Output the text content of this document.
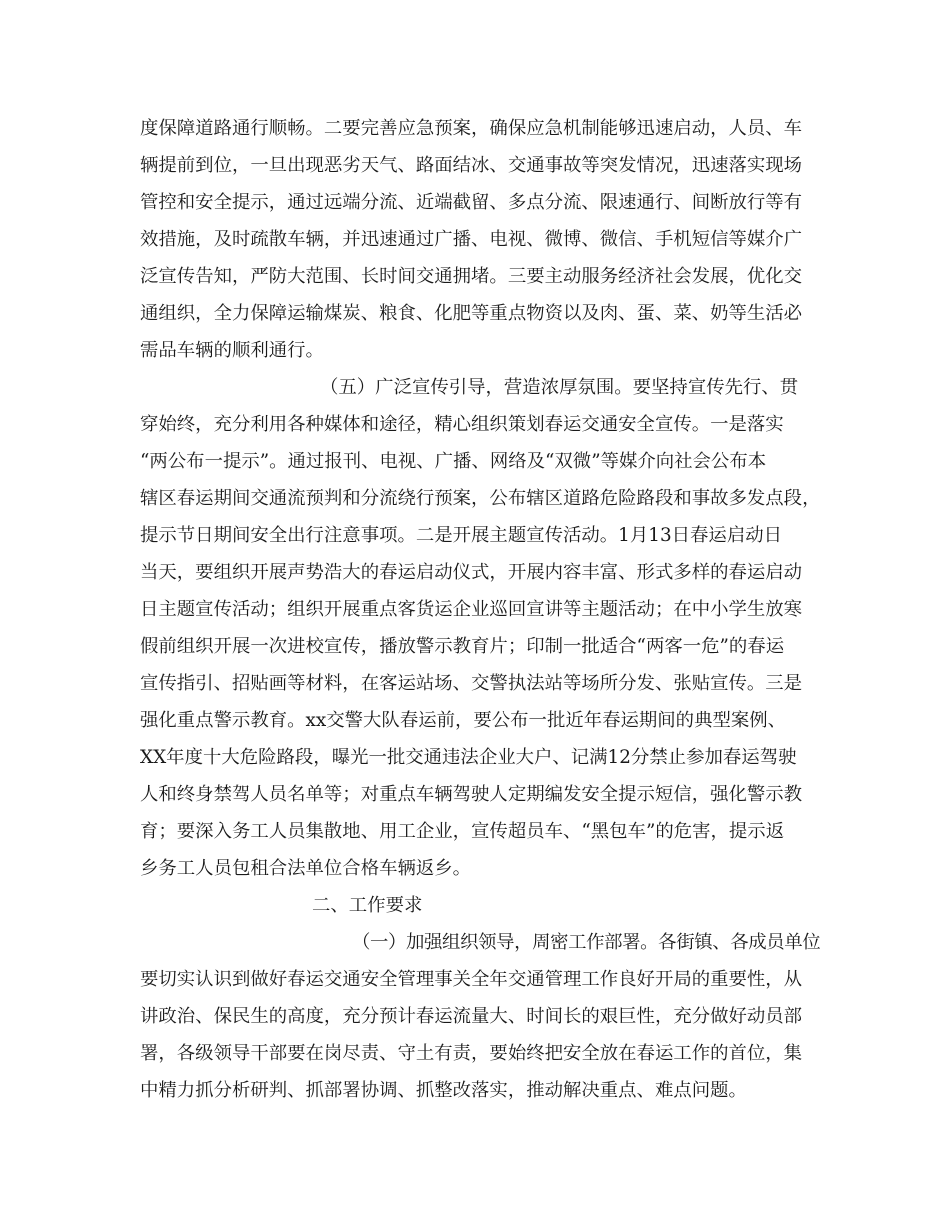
度保障道路通行顺畅。二要完善应急预案，确保应急机制能够迅速启动，人员、车
辆提前到位，一旦出现恶劣天气、路面结冰、交通事故等突发情况，迅速落实现场
管控和安全提示，通过远端分流、近端截留、多点分流、限速通行、间断放行等有
效措施，及时疏散车辆，并迅速通过广播、电视、微博、微信、手机短信等媒介广
泛宣传告知，严防大范围、长时间交通拥堵。三要主动服务经济社会发展，优化交
通组织，全力保障运输煤炭、粮食、化肥等重点物资以及肉、蛋、菜、奶等生活必
需品车辆的顺利通行。
（五）广泛宣传引导，营造浓厚氛围。要坚持宣传先行、贯
穿始终，充分利用各种媒体和途径，精心组织策划春运交通安全宣传。一是落实
“两公布一提示”。通过报刊、电视、广播、网络及“双微”等媒介向社会公布本
辖区春运期间交通流预判和分流绕行预案，公布辖区道路危险路段和事故多发点段，
提示节日期间安全出行注意事项。二是开展主题宣传活动。1月13日春运启动日
当天，要组织开展声势浩大的春运启动仪式，开展内容丰富、形式多样的春运启动
日主题宣传活动；组织开展重点客货运企业巡回宣讲等主题活动；在中小学生放寒
假前组织开展一次进校宣传，播放警示教育片；印制一批适合“两客一危”的春运
宣传指引、招贴画等材料，在客运站场、交警执法站等场所分发、张贴宣传。三是
强化重点警示教育。xx交警大队春运前，要公布一批近年春运期间的典型案例、
XX年度十大危险路段，曝光一批交通违法企业大户、记满12分禁止参加春运驾驶
人和终身禁驾人员名单等；对重点车辆驾驶人定期编发安全提示短信，强化警示教
育；要深入务工人员集散地、用工企业，宣传超员车、“黑包车”的危害，提示返
乡务工人员包租合法单位合格车辆返乡。
二、工作要求
（一）加强组织领导，周密工作部署。各街镇、各成员单位
要切实认识到做好春运交通安全管理事关全年交通管理工作良好开局的重要性，从
讲政治、保民生的高度，充分预计春运流量大、时间长的艰巨性，充分做好动员部
署，各级领导干部要在岗尽责、守土有责，要始终把安全放在春运工作的首位，集
中精力抓分析研判、抓部署协调、抓整改落实，推动解决重点、难点问题。
